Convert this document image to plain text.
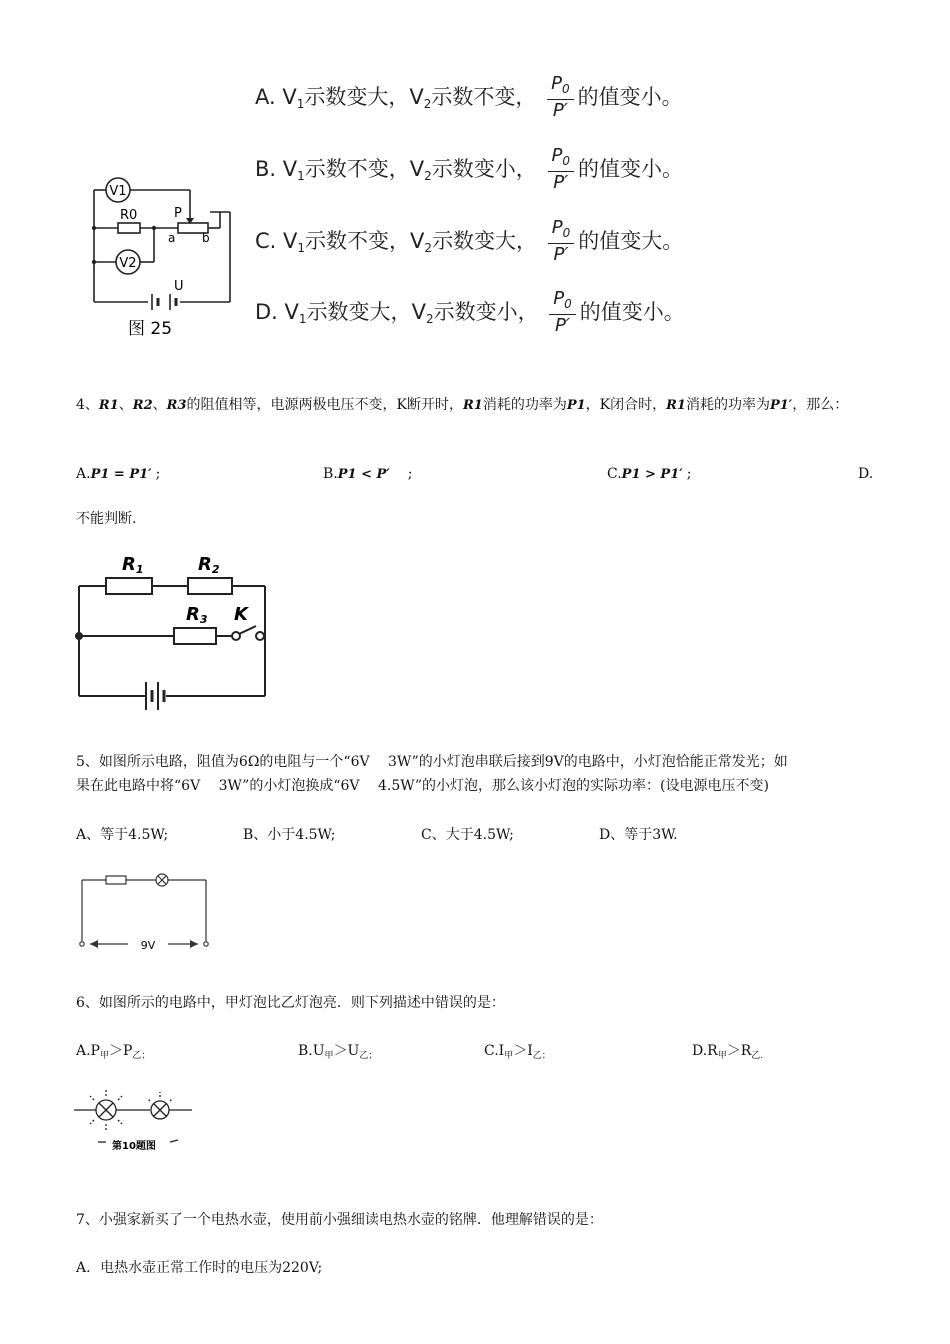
V1
V2
R0	P
a b
U
图 25
A. $V_1$示数变大，$V_2$示数不变， $\frac{P_0}{P'}$ 的值变小。
B. $V_1$示数不变，$V_2$示数变小， $\frac{P_0}{P'}$ 的值变小。
C. $V_1$示数不变，$V_2$示数变大， $\frac{P_0}{P'}$ 的值变大。
D. $V_1$示数变大，$V_2$示数变小， $\frac{P_0}{P'}$ 的值变小。
4、R1、R2、R3的阻值相等，电源两极电压不变，K断开时，R1消耗的功率为P1，K闭合时，R1消耗的功率为P1′，那么：
A.P1 = P1′ ;	B.P1 < P′ ;	C.P1 > P1′ ;	D.
不能判断.
R1	R2
R3 K
5、如图所示电路，阻值为6Ω的电阻与一个“6V　 3W”的小灯泡串联后接到9V的电路中，小灯泡恰能正常发光；如
果在此电路中将“6V　 3W”的小灯泡换成“6V　 4.5W”的小灯泡，那么该小灯泡的实际功率：(设电源电压不变)
A、等于4.5W;	B、小于4.5W;	C、大于4.5W;	D、等于3W.
9V
6、如图所示的电路中，甲灯泡比乙灯泡亮．则下列描述中错误的是：
$A.P_甲>P_{乙;}$	$B.U_甲>U_{乙;}$	$C.I_甲>I_{乙;}$	$D.R_甲>R_{乙.}$
第10题图
7、小强家新买了一个电热水壶，使用前小强细读电热水壶的铭牌．他理解错误的是：
A．电热水壶正常工作时的电压为220V;
